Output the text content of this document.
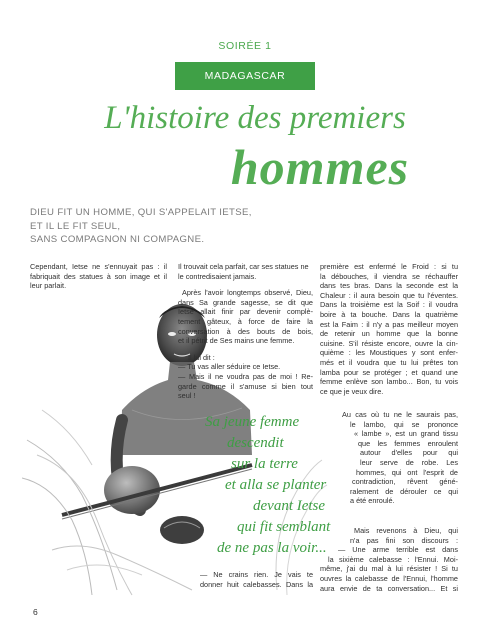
SOIRÉE 1
MADAGASCAR
L'histoire des premiers
hommes
DIEU FIT UN HOMME, QUI S'APPELAIT IETSE,
ET IL LE FIT SEUL,
SANS COMPAGNON NI COMPAGNE.
Cependant, Ietse ne s'ennuyait pas : il
fabriquait des statues à son image et il
leur parlait.
Il trouvait cela parfait, car ses statues ne
le contredisaient jamais.
Après l'avoir longtemps observé, Dieu,
dans Sa grande sagesse, se dit que
Ietse allait finir par devenir complè-
tement gâteux, à force de faire la
conversation à des bouts de bois,
et il pétrit de Ses mains une femme.
Il lui dit :
— Tu vas aller séduire ce Ietse.
— Mais il ne voudra pas de moi ! Re-
garde comme il s'amuse si bien tout
seul !
Sa jeune femme
descendit
sur la terre
et alla se planter
devant Ietse
qui fit semblant
de ne pas la voir...
— Ne crains rien. Je vais te
donner huit calebasses. Dans la
première est enfermé le Froid : si tu
la débouches, il viendra se réchauffer
dans tes bras. Dans la seconde est la
Chaleur : il aura besoin que tu l'éventes.
Dans la troisième est la Soif : il voudra
boire à ta bouche. Dans la quatrième
est la Faim : il n'y a pas meilleur moyen
de retenir un homme que la bonne
cuisine. S'il résiste encore, ouvre la cin-
quième : les Moustiques y sont enfer-
més et il voudra que tu lui prêtes ton
lamba pour se protéger ; et quand une
femme enlève son lambo... Bon, tu vois
ce que je veux dire.
Au cas où tu ne le saurais pas,
le lambo, qui se prononce
« lambe », est un grand tissu
que les femmes enroulent
autour d'elles pour qui
leur serve de robe. Les
hommes, qui ont l'esprit de
contradiction, rêvent géné-
ralement de dérouler ce qui
a été enroulé.
Mais revenons à Dieu, qui
n'a pas fini son discours :
— Une arme terrible est dans
la sixième calebasse : l'Ennui. Moi-
même, j'ai du mal à lui résister ! Si tu
ouvres la calebasse de l'Ennui, l'homme
aura envie de ta conversation... Et si
6
